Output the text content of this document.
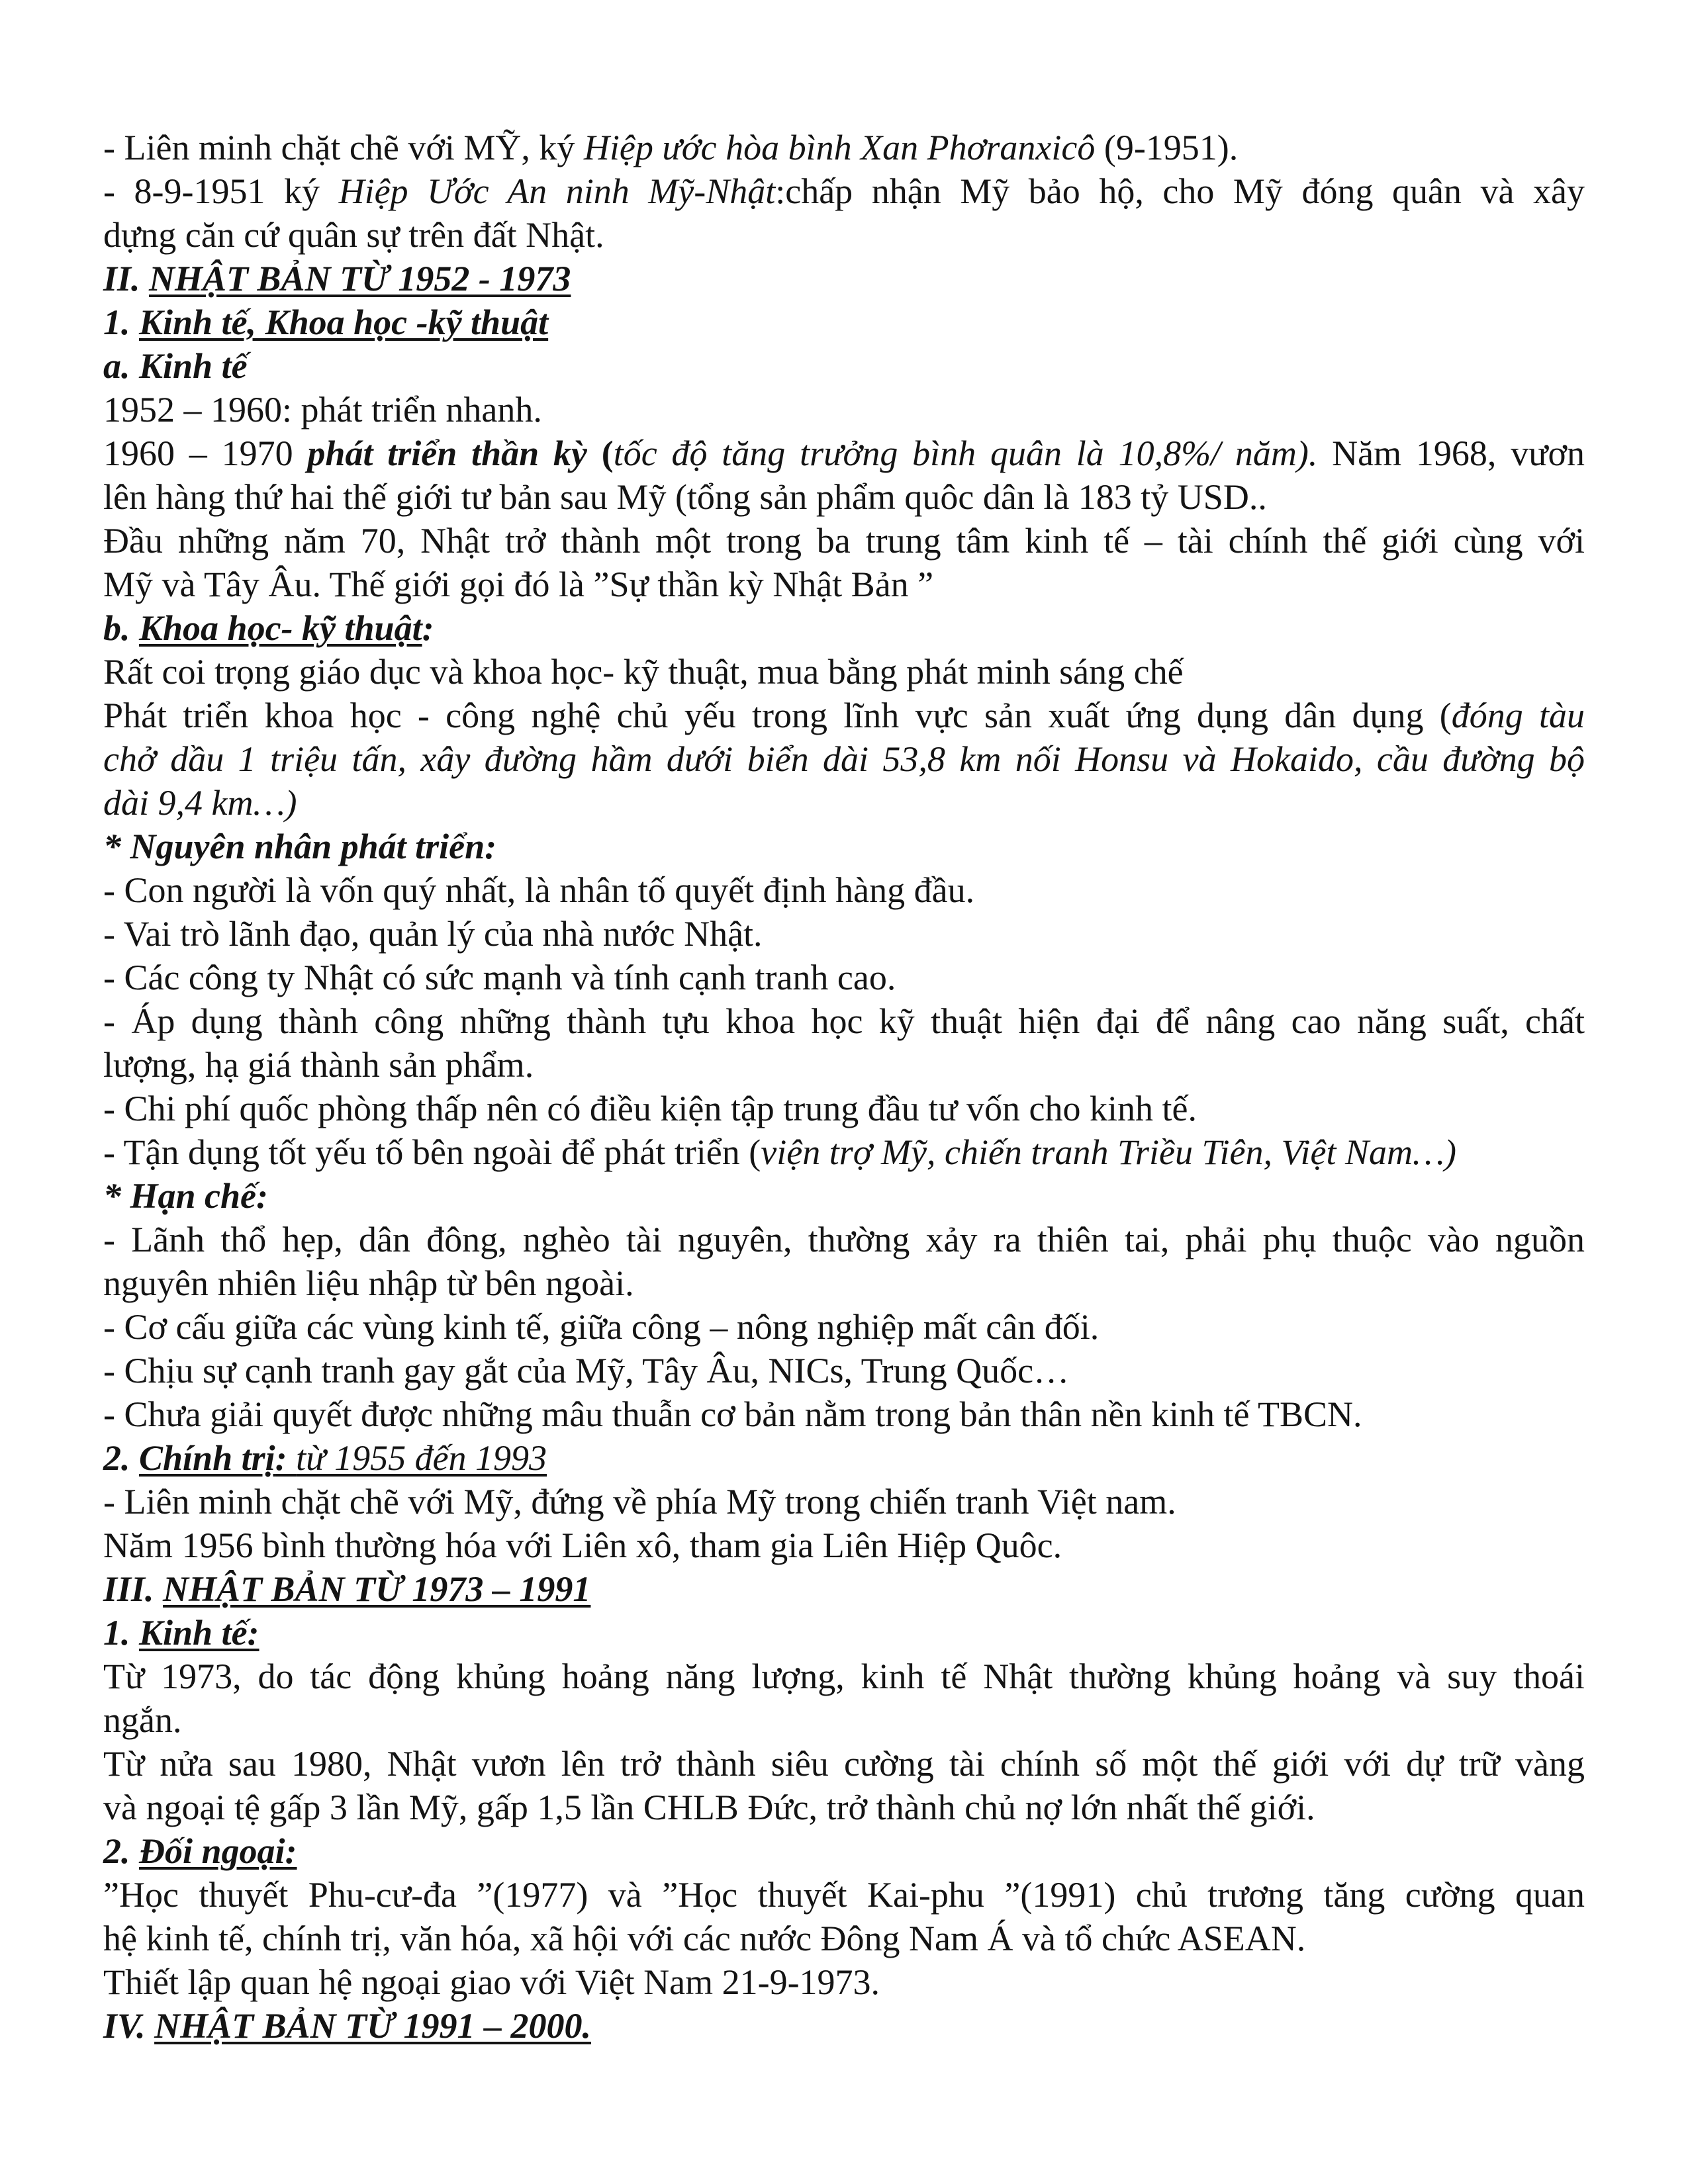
- Liên minh chặt chẽ với MỸ, ký Hiệp ước hòa bình Xan Phơranxicô (9-1951).
- 8-9-1951 ký Hiệp Ước An ninh Mỹ-Nhật:chấp nhận Mỹ bảo hộ, cho Mỹ đóng quân và xây
dựng căn cứ quân sự trên đất Nhật.
II. NHẬT BẢN TỪ 1952 - 1973
1. Kinh tế, Khoa học -kỹ thuật
a. Kinh tế
1952 – 1960: phát triển nhanh.
1960 – 1970 phát triển thần kỳ (tốc độ tăng trưởng bình quân là 10,8%/ năm). Năm 1968, vươn
lên hàng thứ hai thế giới tư bản sau Mỹ (tổng sản phẩm quôc dân là 183 tỷ USD..
Đầu những năm 70, Nhật trở thành một trong ba trung tâm kinh tế – tài chính thế giới cùng với
Mỹ và Tây Âu. Thế giới gọi đó là ”Sự thần kỳ Nhật Bản ”
b. Khoa học- kỹ thuật:
Rất coi trọng giáo dục và khoa học- kỹ thuật, mua bằng phát minh sáng chế
Phát triển khoa học - công nghệ chủ yếu trong lĩnh vực sản xuất ứng dụng dân dụng (đóng tàu
chở dầu 1 triệu tấn, xây đường hầm dưới biển dài 53,8 km nối Honsu và Hokaido, cầu đường bộ
dài 9,4 km…)
* Nguyên nhân phát triển:
- Con người là vốn quý nhất, là nhân tố quyết định hàng đầu.
- Vai trò lãnh đạo, quản lý của nhà nước Nhật.
- Các công ty Nhật có sức mạnh và tính cạnh tranh cao.
- Áp dụng thành công những thành tựu khoa học kỹ thuật hiện đại để nâng cao năng suất, chất
lượng, hạ giá thành sản phẩm.
- Chi phí quốc phòng thấp nên có điều kiện tập trung đầu tư vốn cho kinh tế.
- Tận dụng tốt yếu tố bên ngoài để phát triển (viện trợ Mỹ, chiến tranh Triều Tiên, Việt Nam…)
* Hạn chế:
- Lãnh thổ hẹp, dân đông, nghèo tài nguyên, thường xảy ra thiên tai, phải phụ thuộc vào nguồn
nguyên nhiên liệu nhập từ bên ngoài.
- Cơ cấu giữa các vùng kinh tế, giữa công – nông nghiệp mất cân đối.
- Chịu sự cạnh tranh gay gắt của Mỹ, Tây Âu, NICs, Trung Quốc…
- Chưa giải quyết được những mâu thuẫn cơ bản nằm trong bản thân nền kinh tế TBCN.
2. Chính trị: từ 1955 đến 1993
- Liên minh chặt chẽ với Mỹ, đứng về phía Mỹ trong chiến tranh Việt nam.
Năm 1956 bình thường hóa với Liên xô, tham gia Liên Hiệp Quôc.
III. NHẬT BẢN TỪ 1973 – 1991
1. Kinh tế:
Từ 1973, do tác động khủng hoảng năng lượng, kinh tế Nhật thường khủng hoảng và suy thoái
ngắn.
Từ nửa sau 1980, Nhật vươn lên trở thành siêu cường tài chính số một thế giới với dự trữ vàng
và ngoại tệ gấp 3 lần Mỹ, gấp 1,5 lần CHLB Đức, trở thành chủ nợ lớn nhất thế giới.
2. Đối ngoại:
”Học thuyết Phu-cư-đa ”(1977) và ”Học thuyết Kai-phu ”(1991) chủ trương tăng cường quan
hệ kinh tế, chính trị, văn hóa, xã hội với các nước Đông Nam Á và tổ chức ASEAN.
Thiết lập quan hệ ngoại giao với Việt Nam 21-9-1973.
IV. NHẬT BẢN TỪ 1991 – 2000.
